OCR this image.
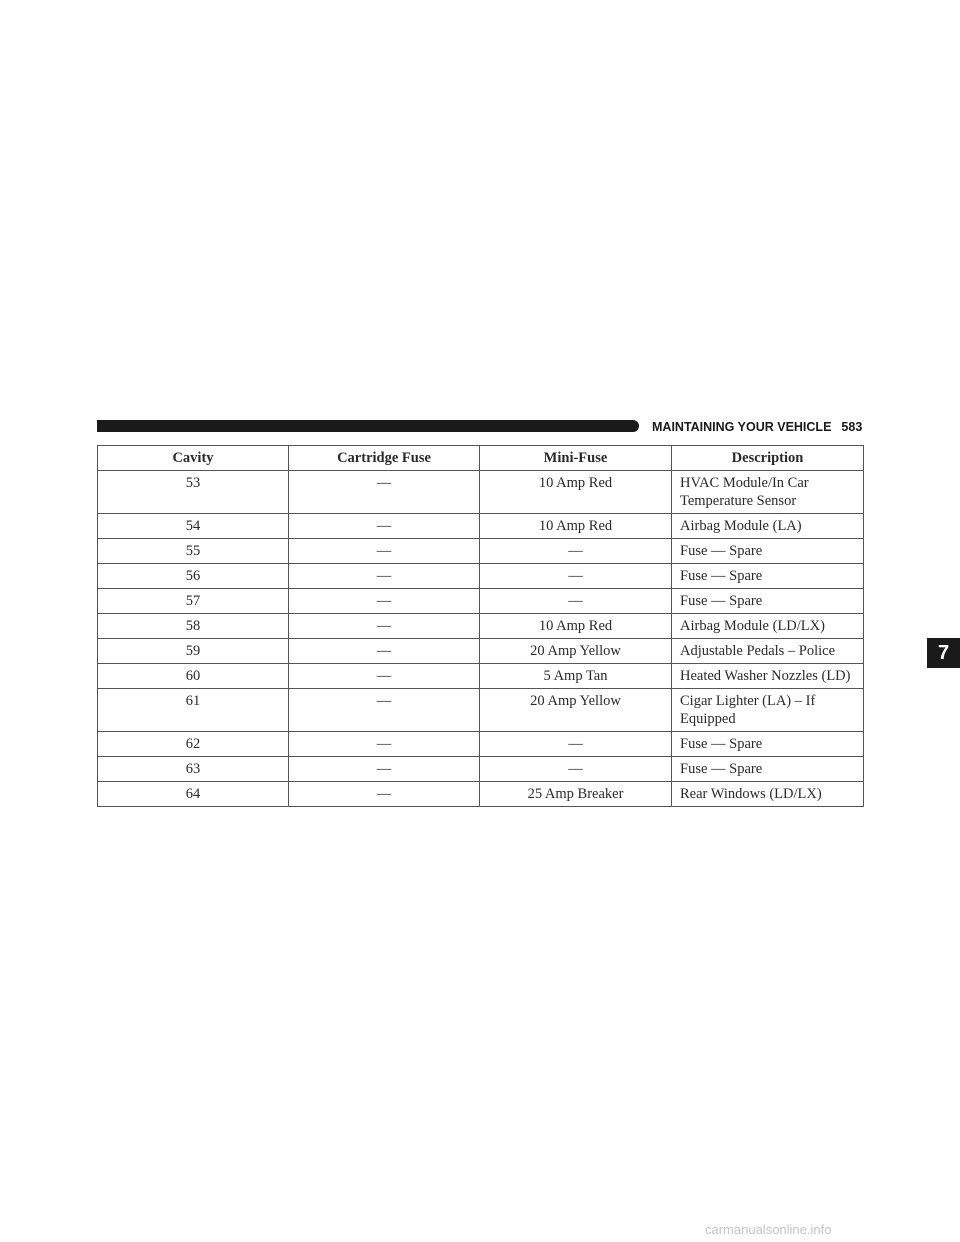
MAINTAINING YOUR VEHICLE 583
7
Cavity	Cartridge Fuse	Mini-Fuse	Description
53	—	10 Amp Red	HVAC Module/In Car Temperature Sensor
54	—	10 Amp Red	Airbag Module (LA)
55	—	—	Fuse — Spare
56	—	—	Fuse — Spare
57	—	—	Fuse — Spare
58	—	10 Amp Red	Airbag Module (LD/LX)
59	—	20 Amp Yellow	Adjustable Pedals – Police
60	—	5 Amp Tan	Heated Washer Nozzles (LD)
61	—	20 Amp Yellow	Cigar Lighter (LA) – If Equipped
62	—	—	Fuse — Spare
63	—	—	Fuse — Spare
64	—	25 Amp Breaker	Rear Windows (LD/LX)
carmanualsonline.info
